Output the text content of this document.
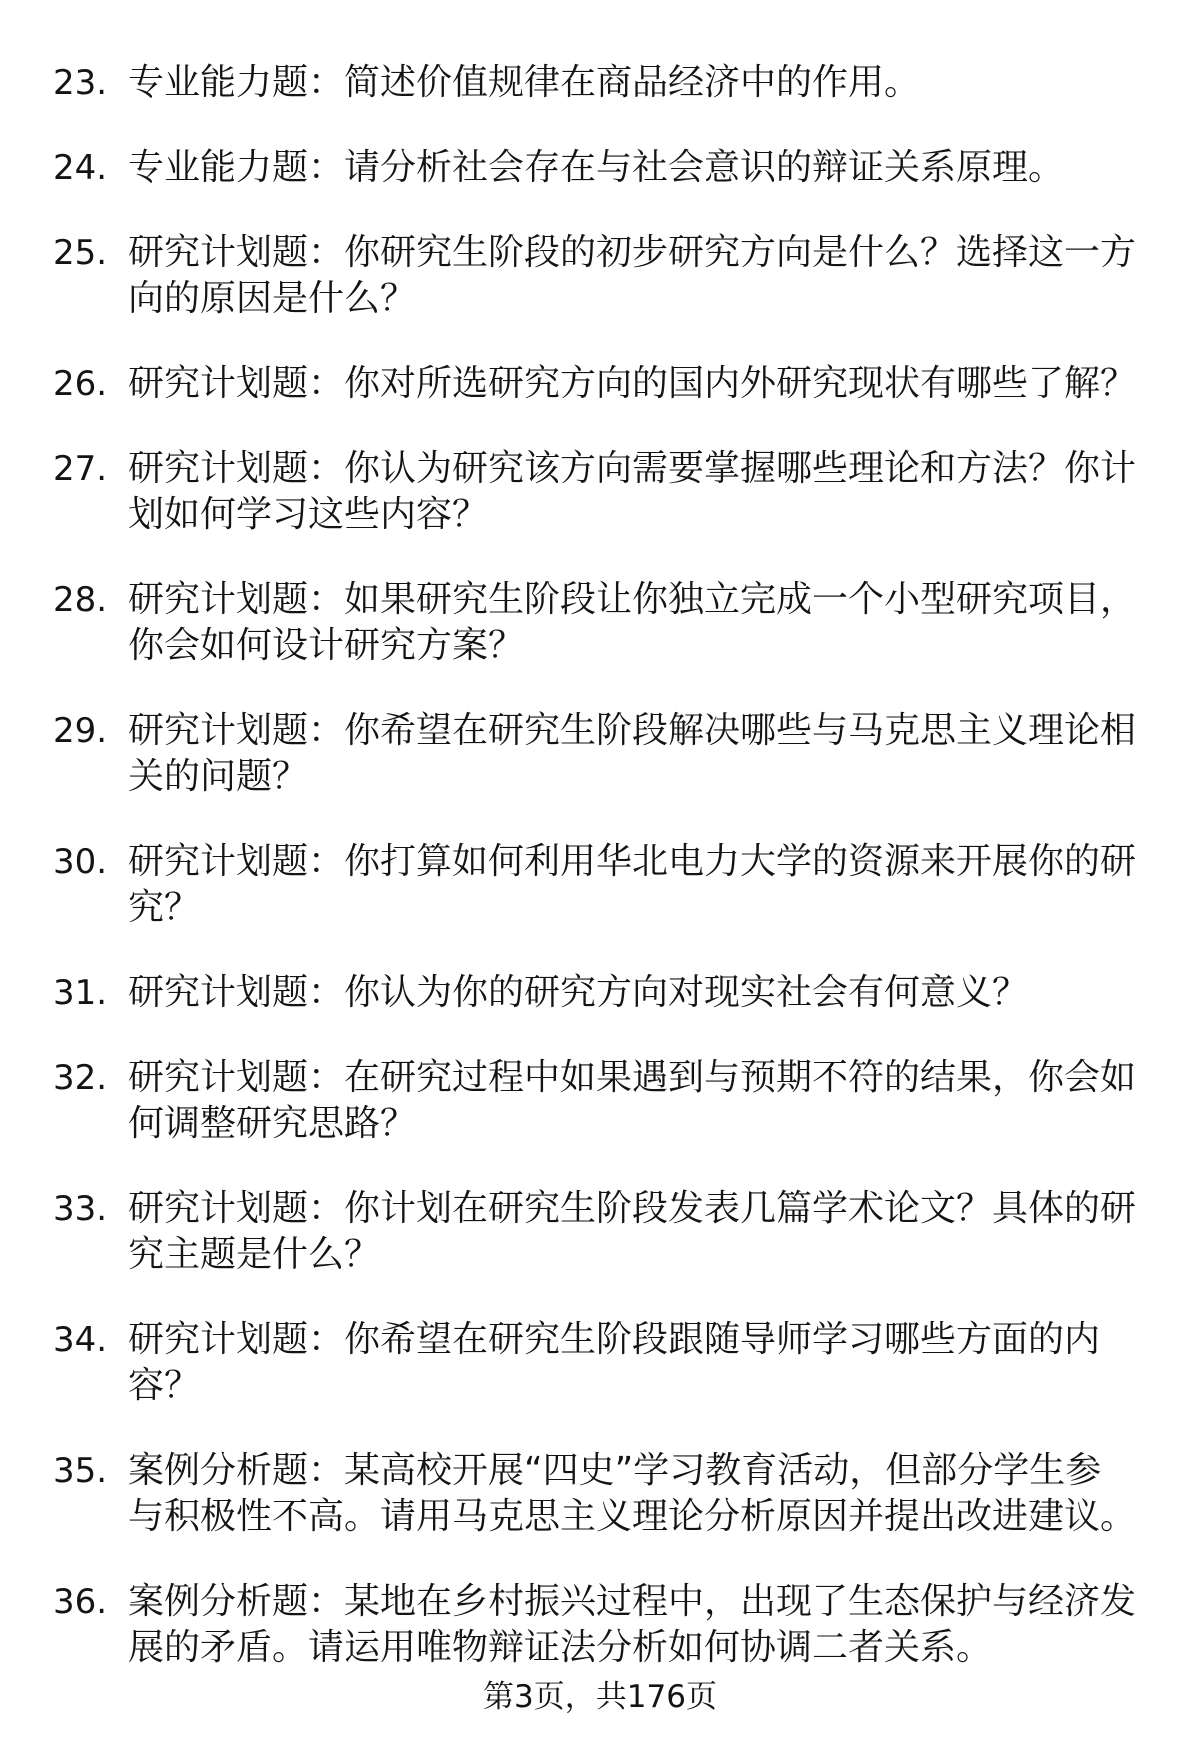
23. 专业能力题：简述价值规律在商品经济中的作用。
24. 专业能力题：请分析社会存在与社会意识的辩证关系原理。
25. 研究计划题：你研究生阶段的初步研究方向是什么？选择这一方
向的原因是什么？
26. 研究计划题：你对所选研究方向的国内外研究现状有哪些了解？
27. 研究计划题：你认为研究该方向需要掌握哪些理论和方法？你计
划如何学习这些内容？
28. 研究计划题：如果研究生阶段让你独立完成一个小型研究项目，
你会如何设计研究方案？
29. 研究计划题：你希望在研究生阶段解决哪些与马克思主义理论相
关的问题？
30. 研究计划题：你打算如何利用华北电力大学的资源来开展你的研
究？
31. 研究计划题：你认为你的研究方向对现实社会有何意义？
32. 研究计划题：在研究过程中如果遇到与预期不符的结果，你会如
何调整研究思路？
33. 研究计划题：你计划在研究生阶段发表几篇学术论文？具体的研
究主题是什么？
34. 研究计划题：你希望在研究生阶段跟随导师学习哪些方面的内
容？
35. 案例分析题：某高校开展“四史”学习教育活动，但部分学生参
与积极性不高。请用马克思主义理论分析原因并提出改进建议。
36. 案例分析题：某地在乡村振兴过程中，出现了生态保护与经济发
展的矛盾。请运用唯物辩证法分析如何协调二者关系。
第3页，共176页
